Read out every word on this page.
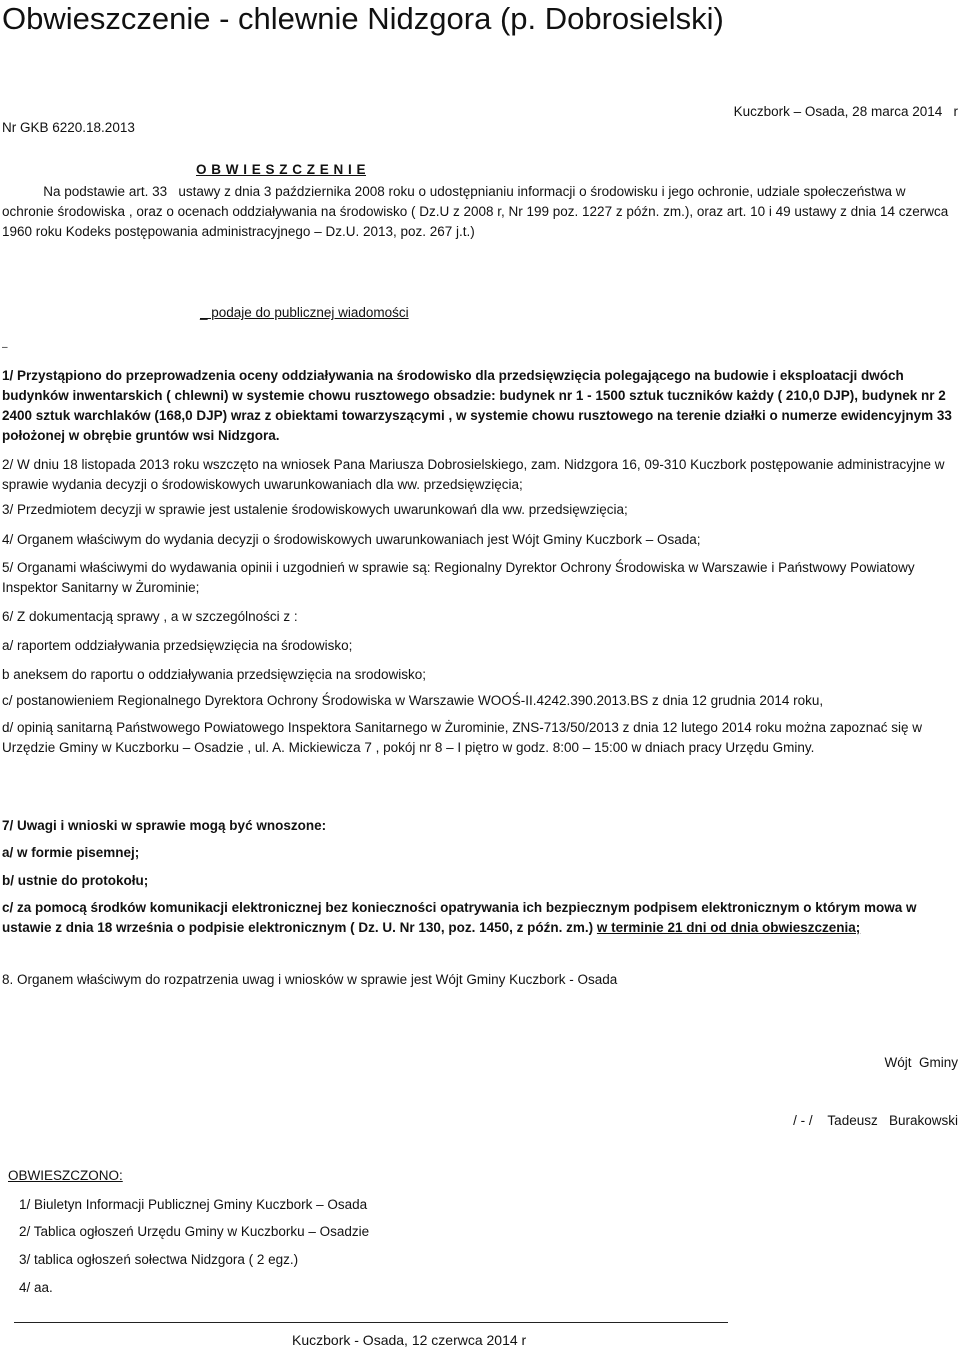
Obwieszczenie - chlewnie Nidzgora (p. Dobrosielski)
Nr GKB 6220.18.2013
Kuczbork – Osada, 28 marca 2014   r
O B W I E S Z C Z E N I E
Na podstawie art. 33   ustawy z dnia 3 października 2008 roku o udostępnianiu informacji o środowisku i jego ochronie, udziale społeczeństwa w ochronie środowiska , oraz o ocenach oddziaływania na środowisko ( Dz.U z 2008 r, Nr 199 poz. 1227 z późn. zm.), oraz art. 10 i 49 ustawy z dnia 14 czerwca 1960 roku Kodeks postępowania administracyjnego – Dz.U. 2013, poz. 267 j.t.)
_ podaje do publicznej wiadomości
–
1/ Przystąpiono do przeprowadzenia oceny oddziaływania na środowisko dla przedsięwzięcia polegającego na budowie i eksploatacji dwóch budynków inwentarskich ( chlewni) w systemie chowu rusztowego obsadzie: budynek nr 1 - 1500 sztuk tuczników każdy ( 210,0 DJP), budynek nr 2 2400 sztuk warchlaków (168,0 DJP) wraz z obiektami towarzyszącymi , w systemie chowu rusztowego na terenie działki o numerze ewidencyjnym 33 położonej w obrębie gruntów wsi Nidzgora.
2/ W dniu 18 listopada 2013 roku wszczęto na wniosek Pana Mariusza Dobrosielskiego, zam. Nidzgora 16, 09-310 Kuczbork postępowanie administracyjne w sprawie wydania decyzji o środowiskowych uwarunkowaniach dla ww. przedsięwzięcia;
3/ Przedmiotem decyzji w sprawie jest ustalenie środowiskowych uwarunkowań dla ww. przedsięwzięcia;
4/ Organem właściwym do wydania decyzji o środowiskowych uwarunkowaniach jest Wójt Gminy Kuczbork – Osada;
5/ Organami właściwymi do wydawania opinii i uzgodnień w sprawie są: Regionalny Dyrektor Ochrony Środowiska w Warszawie i Państwowy Powiatowy Inspektor Sanitarny w Żurominie;
6/ Z dokumentacją sprawy , a w szczególności z :
a/ raportem oddziaływania przedsięwzięcia na środowisko;
b aneksem do raportu o oddziaływania przedsięwzięcia na srodowisko;
c/ postanowieniem Regionalnego Dyrektora Ochrony Środowiska w Warszawie WOOŚ-II.4242.390.2013.BS z dnia 12 grudnia 2014 roku,
d/ opinią sanitarną Państwowego Powiatowego Inspektora Sanitarnego w Żurominie, ZNS-713/50/2013 z dnia 12 lutego 2014 roku można zapoznać się w Urzędzie Gminy w Kuczborku – Osadzie , ul. A. Mickiewicza 7 , pokój nr 8 – I piętro w godz. 8:00 – 15:00 w dniach pracy Urzędu Gminy.
7/ Uwagi i wnioski w sprawie mogą być wnoszone:
a/ w formie pisemnej;
b/ ustnie do protokołu;
c/ za pomocą środków komunikacji elektronicznej bez konieczności opatrywania ich bezpiecznym podpisem elektronicznym o którym mowa w ustawie z dnia 18 września o podpisie elektronicznym ( Dz. U. Nr 130, poz. 1450, z późn. zm.) w terminie 21 dni od dnia obwieszczenia;
8. Organem właściwym do rozpatrzenia uwag i wniosków w sprawie jest Wójt Gminy Kuczbork - Osada
Wójt  Gminy
/ - /    Tadeusz   Burakowski
OBWIESZCZONO:
1/ Biuletyn Informacji Publicznej Gminy Kuczbork – Osada
2/ Tablica ogłoszeń Urzędu Gminy w Kuczborku – Osadzie
3/ tablica ogłoszeń sołectwa Nidzgora ( 2 egz.)
4/ aa.
Kuczbork - Osada, 12 czerwca 2014 r
